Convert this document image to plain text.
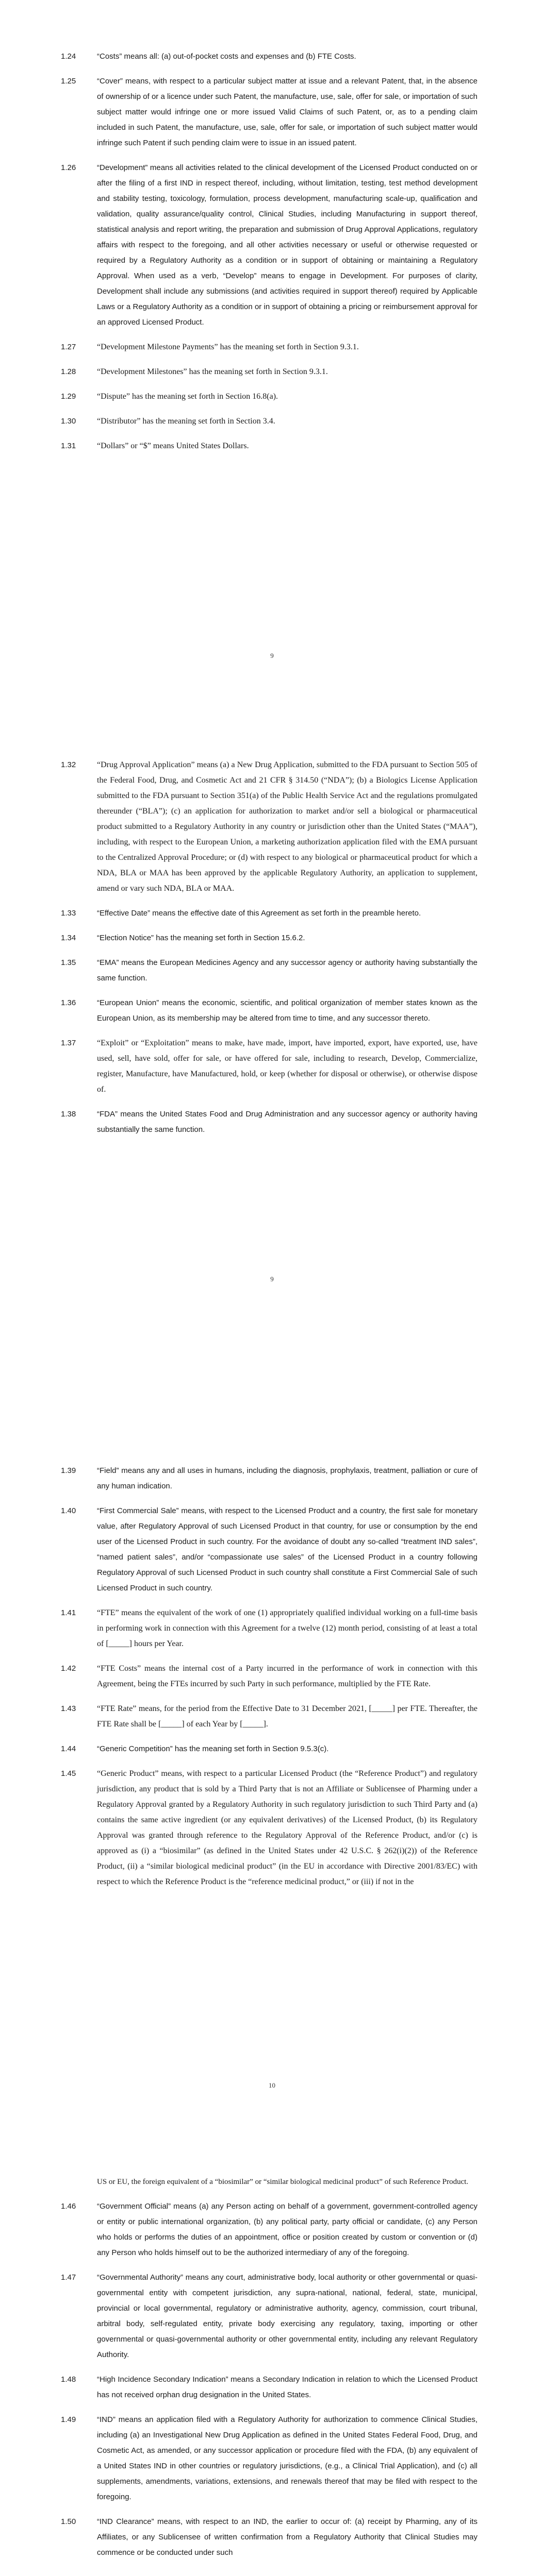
1.24	“Costs” means all: (a) out-of-pocket costs and expenses and (b) FTE Costs.
1.25	“Cover” means, with respect to a particular subject matter at issue and a relevant Patent, that, in the absence of ownership of or a licence under such Patent, the manufacture, use, sale, offer for sale, or importation of such subject matter would infringe one or more issued Valid Claims of such Patent, or, as to a pending claim included in such Patent, the manufacture, use, sale, offer for sale, or importation of such subject matter would infringe such Patent if such pending claim were to issue in an issued patent.
1.26	“Development” means all activities related to the clinical development of the Licensed Product conducted on or after the filing of a first IND in respect thereof, including, without limitation, testing, test method development and stability testing, toxicology, formulation, process development, manufacturing scale-up, qualification and validation, quality assurance/quality control, Clinical Studies, including Manufacturing in support thereof, statistical analysis and report writing, the preparation and submission of Drug Approval Applications, regulatory affairs with respect to the foregoing, and all other activities necessary or useful or otherwise requested or required by a Regulatory Authority as a condition or in support of obtaining or maintaining a Regulatory Approval. When used as a verb, “Develop” means to engage in Development. For purposes of clarity, Development shall include any submissions (and activities required in support thereof) required by Applicable Laws or a Regulatory Authority as a condition or in support of obtaining a pricing or reimbursement approval for an approved Licensed Product.
1.27	“Development Milestone Payments” has the meaning set forth in Section 9.3.1.
1.28	“Development Milestones” has the meaning set forth in Section 9.3.1.
1.29	“Dispute” has the meaning set forth in Section 16.8(a).
1.30	“Distributor” has the meaning set forth in Section 3.4.
1.31	“Dollars” or “$” means United States Dollars.
9
1.32	“Drug Approval Application” means (a) a New Drug Application, submitted to the FDA pursuant to Section 505 of the Federal Food, Drug, and Cosmetic Act and 21 CFR § 314.50 (“NDA”); (b) a Biologics License Application submitted to the FDA pursuant to Section 351(a) of the Public Health Service Act and the regulations promulgated thereunder (“BLA”); (c) an application for authorization to market and/or sell a biological or pharmaceutical product submitted to a Regulatory Authority in any country or jurisdiction other than the United States (“MAA”), including, with respect to the European Union, a marketing authorization application filed with the EMA pursuant to the Centralized Approval Procedure; or (d) with respect to any biological or pharmaceutical product for which a NDA, BLA or MAA has been approved by the applicable Regulatory Authority, an application to supplement, amend or vary such NDA, BLA or MAA.
1.33	“Effective Date” means the effective date of this Agreement as set forth in the preamble hereto.
1.34	“Election Notice” has the meaning set forth in Section 15.6.2.
1.35	“EMA” means the European Medicines Agency and any successor agency or authority having substantially the same function.
1.36	“European Union” means the economic, scientific, and political organization of member states known as the European Union, as its membership may be altered from time to time, and any successor thereto.
1.37	“Exploit” or “Exploitation” means to make, have made, import, have imported, export, have exported, use, have used, sell, have sold, offer for sale, or have offered for sale, including to research, Develop, Commercialize, register, Manufacture, have Manufactured, hold, or keep (whether for disposal or otherwise), or otherwise dispose of.
1.38	“FDA” means the United States Food and Drug Administration and any successor agency or authority having substantially the same function.
9
1.39	“Field” means any and all uses in humans, including the diagnosis, prophylaxis, treatment, palliation or cure of any human indication.
1.40	“First Commercial Sale” means, with respect to the Licensed Product and a country, the first sale for monetary value, after Regulatory Approval of such Licensed Product in that country, for use or consumption by the end user of the Licensed Product in such country. For the avoidance of doubt any so-called “treatment IND sales”, “named patient sales”, and/or “compassionate use sales” of the Licensed Product in a country following Regulatory Approval of such Licensed Product in such country shall constitute a First Commercial Sale of such Licensed Product in such country.
1.41	“FTE” means the equivalent of the work of one (1) appropriately qualified individual working on a full-time basis in performing work in connection with this Agreement for a twelve (12) month period, consisting of at least a total of [_____] hours per Year.
1.42	“FTE Costs” means the internal cost of a Party incurred in the performance of work in connection with this Agreement, being the FTEs incurred by such Party in such performance, multiplied by the FTE Rate.
1.43	“FTE Rate” means, for the period from the Effective Date to 31 December 2021, [_____] per FTE. Thereafter, the FTE Rate shall be [_____] of each Year by [_____].
1.44	“Generic Competition” has the meaning set forth in Section 9.5.3(c).
1.45	“Generic Product” means, with respect to a particular Licensed Product (the “Reference Product”) and regulatory jurisdiction, any product that is sold by a Third Party that is not an Affiliate or Sublicensee of Pharming under a Regulatory Approval granted by a Regulatory Authority in such regulatory jurisdiction to such Third Party and (a) contains the same active ingredient (or any equivalent derivatives) of the Licensed Product, (b) its Regulatory Approval was granted through reference to the Regulatory Approval of the Reference Product, and/or (c) is approved as (i) a “biosimilar” (as defined in the United States under 42 U.S.C. § 262(i)(2)) of the Reference Product, (ii) a “similar biological medicinal product” (in the EU in accordance with Directive 2001/83/EC) with respect to which the Reference Product is the “reference medicinal product,” or (iii) if not in the
10
US or EU, the foreign equivalent of a “biosimilar” or “similar biological medicinal product” of such Reference Product.
1.46	“Government Official” means (a) any Person acting on behalf of a government, government-controlled agency or entity or public international organization, (b) any political party, party official or candidate, (c) any Person who holds or performs the duties of an appointment, office or position created by custom or convention or (d) any Person who holds himself out to be the authorized intermediary of any of the foregoing.
1.47	“Governmental Authority” means any court, administrative body, local authority or other governmental or quasi-governmental entity with competent jurisdiction, any supra-national, national, federal, state, municipal, provincial or local governmental, regulatory or administrative authority, agency, commission, court tribunal, arbitral body, self-regulated entity, private body exercising any regulatory, taxing, importing or other governmental or quasi-governmental authority or other governmental entity, including any relevant Regulatory Authority.
1.48	“High Incidence Secondary Indication” means a Secondary Indication in relation to which the Licensed Product has not received orphan drug designation in the United States.
1.49	“IND” means an application filed with a Regulatory Authority for authorization to commence Clinical Studies, including (a) an Investigational New Drug Application as defined in the United States Federal Food, Drug, and Cosmetic Act, as amended, or any successor application or procedure filed with the FDA, (b) any equivalent of a United States IND in other countries or regulatory jurisdictions, (e.g., a Clinical Trial Application), and (c) all supplements, amendments, variations, extensions, and renewals thereof that may be filed with respect to the foregoing.
1.50	“IND Clearance” means, with respect to an IND, the earlier to occur of: (a) receipt by Pharming, any of its Affiliates, or any Sublicensee of written confirmation from a Regulatory Authority that Clinical Studies may commence or be conducted under such
